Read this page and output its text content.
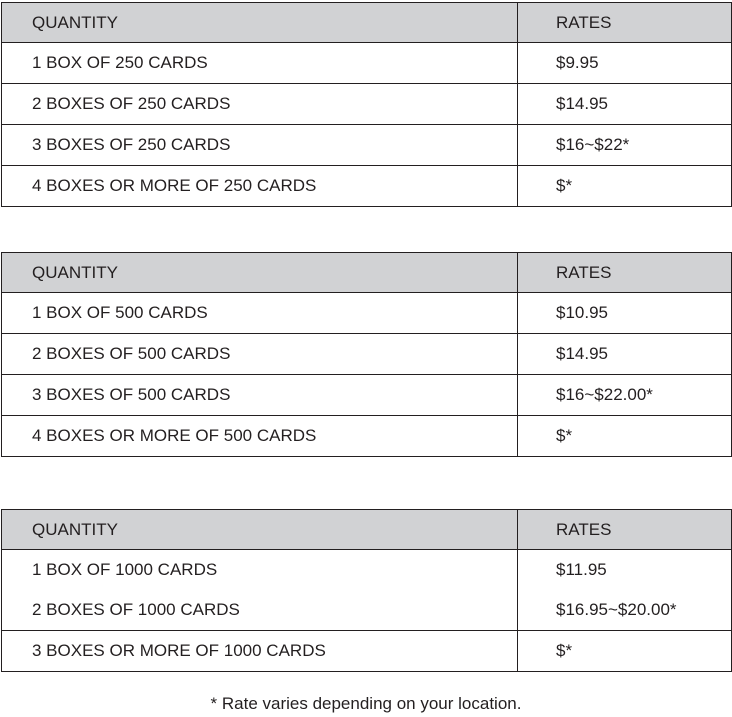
QUANTITY	RATES
1 BOX OF 250 CARDS	$9.95
2 BOXES OF 250 CARDS	$14.95
3 BOXES OF 250 CARDS	$16~$22*
4 BOXES OR MORE OF 250 CARDS	$*
QUANTITY	RATES
1 BOX OF 500 CARDS	$10.95
2 BOXES OF 500 CARDS	$14.95
3 BOXES OF 500 CARDS	$16~$22.00*
4 BOXES OR MORE OF 500 CARDS	$*
QUANTITY	RATES
1 BOX OF 1000 CARDS	$11.95
2 BOXES OF 1000 CARDS	$16.95~$20.00*
3 BOXES OR MORE OF 1000 CARDS	$*
* Rate varies depending on your location.
